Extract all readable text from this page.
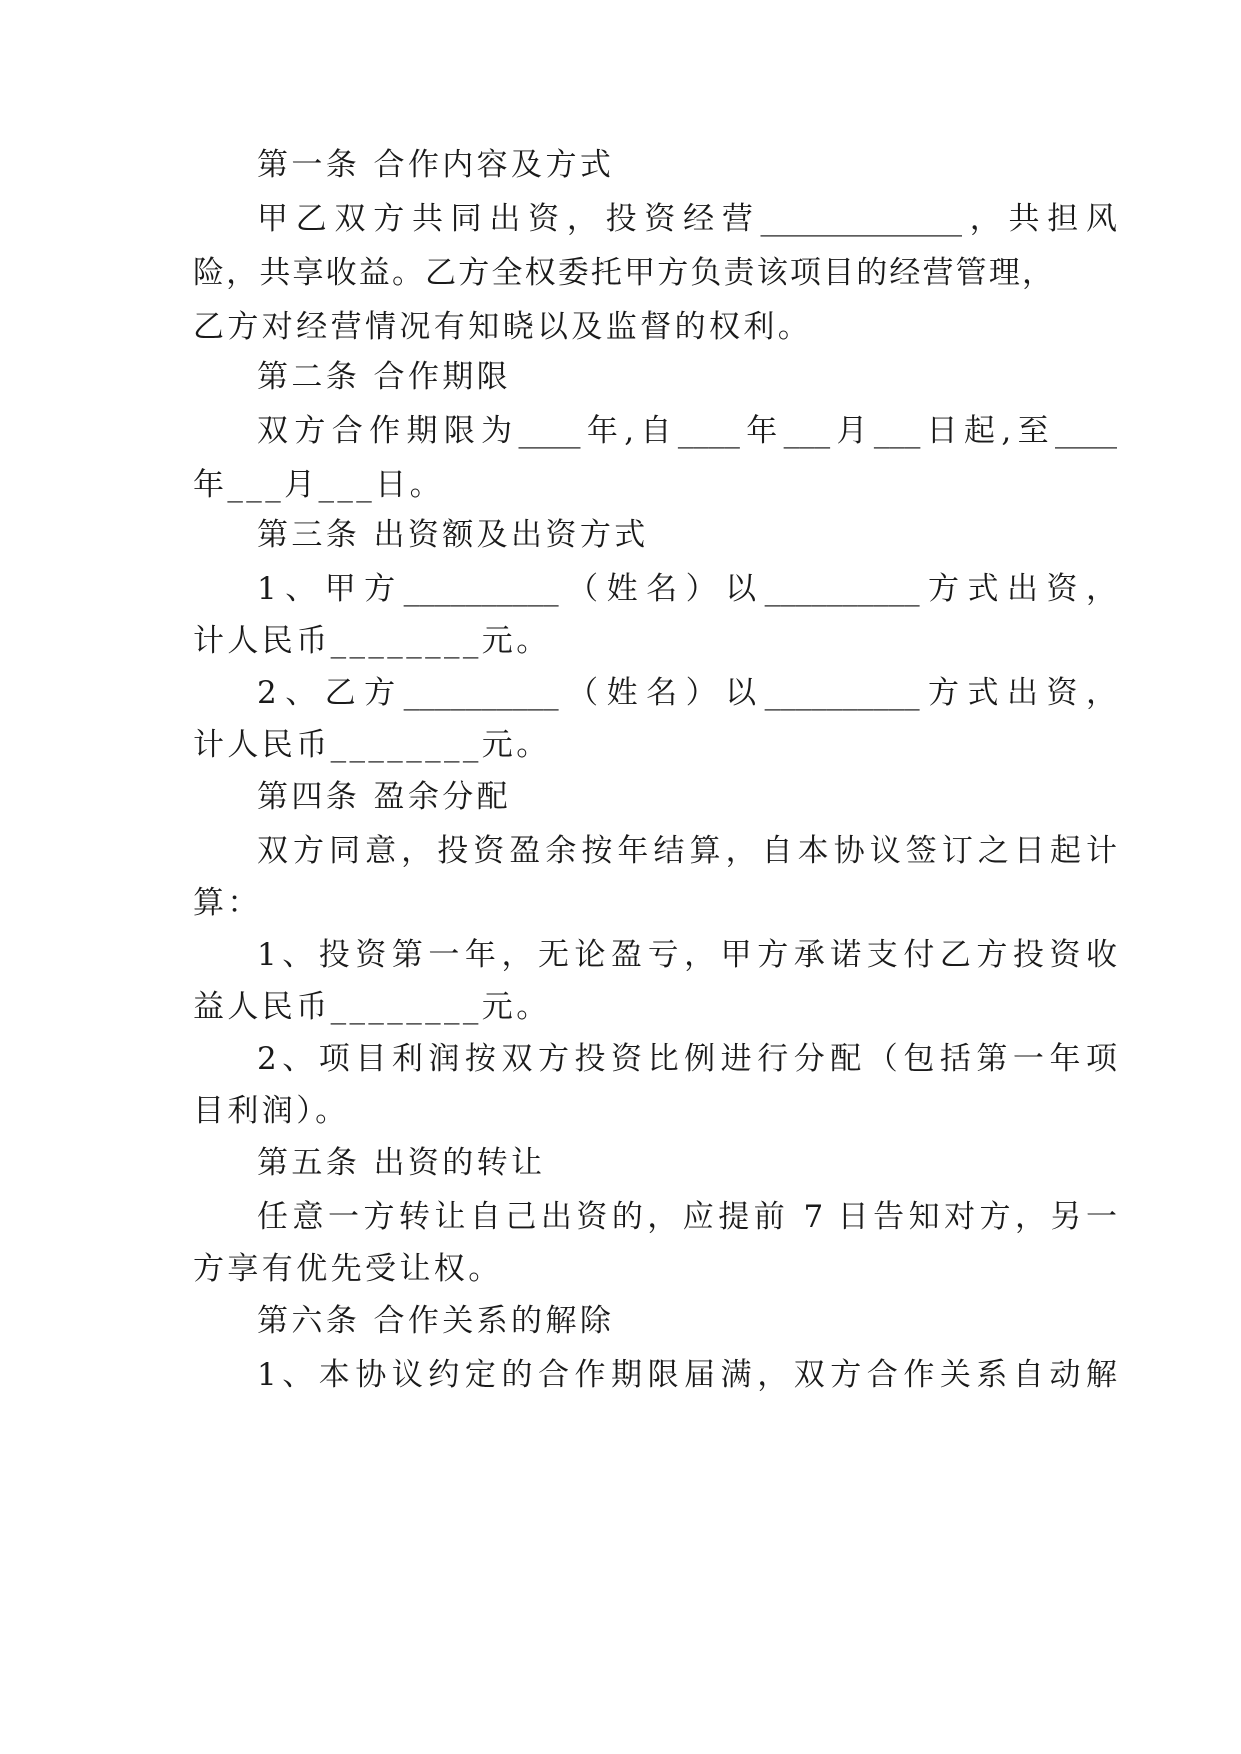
第一条 合作内容及方式
甲乙双方共同出资，投资经营_____________，共担风
险，共享收益。乙方全权委托甲方负责该项目的经营管理，
乙方对经营情况有知晓以及监督的权利。
第二条 合作期限
双方合作期限为____年,自____年___月___日起,至____
年___月___日。
第三条 出资额及出资方式
1、甲方__________（姓名）以__________方式出资，
计人民币________元。
2、乙方__________（姓名）以__________方式出资，
计人民币________元。
第四条 盈余分配
双方同意，投资盈余按年结算，自本协议签订之日起计
算：
1、投资第一年，无论盈亏，甲方承诺支付乙方投资收
益人民币________元。
2、项目利润按双方投资比例进行分配（包括第一年项
目利润）。
第五条 出资的转让
任意一方转让自己出资的，应提前 7 日告知对方，另一
方享有优先受让权。
第六条 合作关系的解除
1、本协议约定的合作期限届满，双方合作关系自动解
